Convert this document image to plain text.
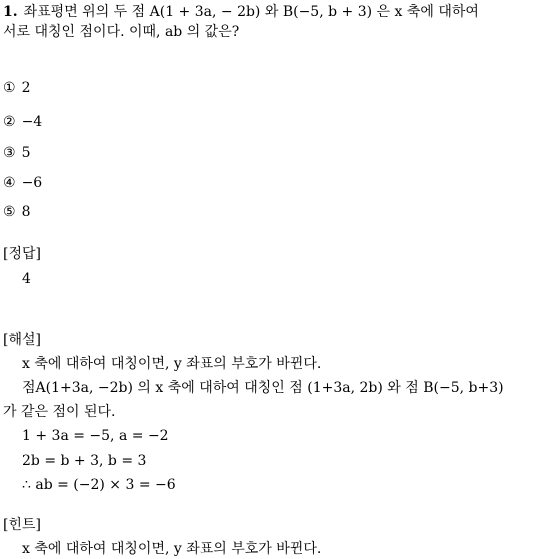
1. 좌표평면 위의 두 점 A(1 + 3a, − 2b) 와 B(−5, b + 3) 은 x 축에 대하여
서로 대칭인 점이다. 이때, ab 의 값은?
① 2
② −4
③ 5
④ −6
⑤ 8
[정답]
4
[해설]
x 축에 대하여 대칭이면, y 좌표의 부호가 바뀐다.
점A(1+3a, −2b) 의 x 축에 대하여 대칭인 점 (1+3a, 2b) 와 점 B(−5, b+3)
가 같은 점이 된다.
1 + 3a = −5, a = −2
2b = b + 3, b = 3
∴ ab = (−2) × 3 = −6
[힌트]
x 축에 대하여 대칭이면, y 좌표의 부호가 바뀐다.
